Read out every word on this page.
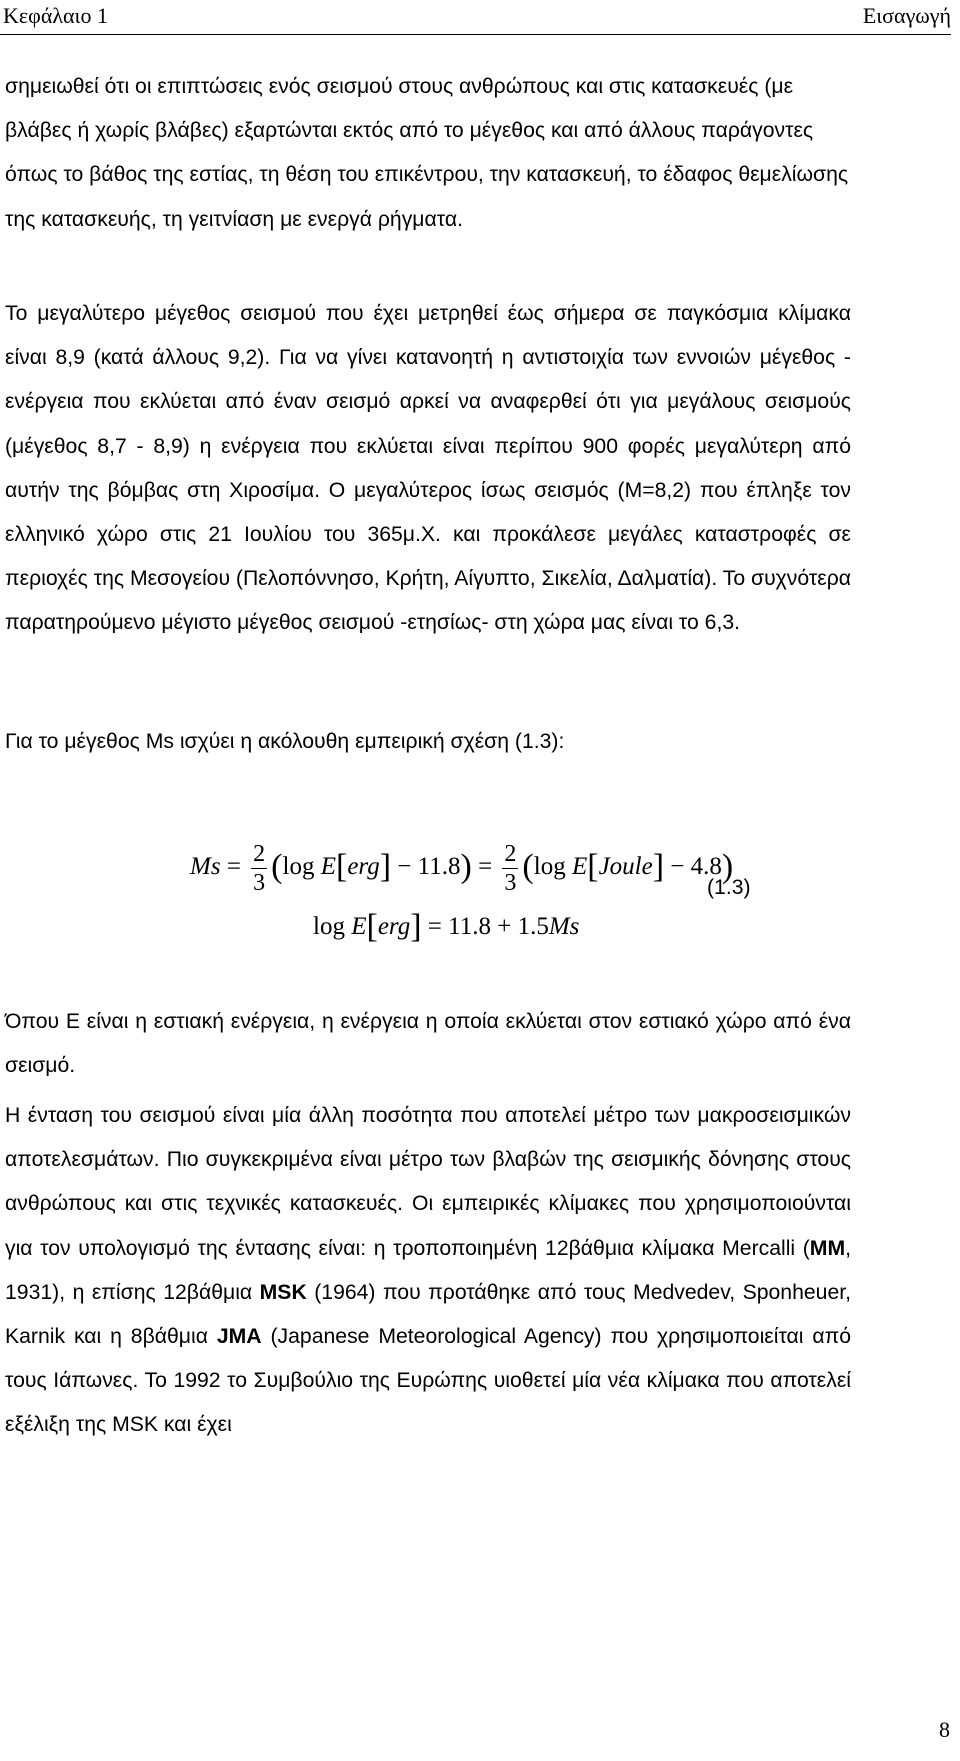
Κεφάλαιο 1	Εισαγωγή

σημειωθεί ότι οι επιπτώσεις ενός σεισμού στους ανθρώπους και στις κατασκευές (με βλάβες ή χωρίς βλάβες) εξαρτώνται εκτός από το μέγεθος και από άλλους παράγοντες όπως το βάθος της εστίας, τη θέση του επικέντρου, την κατασκευή, το έδαφος θεμελίωσης της κατασκευής, τη γειτνίαση με ενεργά ρήγματα.

Το μεγαλύτερο μέγεθος σεισμού που έχει μετρηθεί έως σήμερα σε παγκόσμια κλίμακα είναι 8,9 (κατά άλλους 9,2). Για να γίνει κατανοητή η αντιστοιχία των εννοιών μέγεθος - ενέργεια που εκλύεται από έναν σεισμό αρκεί να αναφερθεί ότι για μεγάλους σεισμούς (μέγεθος 8,7 - 8,9) η ενέργεια που εκλύεται είναι περίπου 900 φορές μεγαλύτερη από αυτήν της βόμβας στη Χιροσίμα. Ο μεγαλύτερος ίσως σεισμός (Μ=8,2) που έπληξε τον ελληνικό χώρο στις 21 Ιουλίου του 365μ.Χ. και προκάλεσε μεγάλες καταστροφές σε περιοχές της Μεσογείου (Πελοπόννησο, Κρήτη, Αίγυπτο, Σικελία, Δαλματία). Το συχνότερα παρατηρούμενο μέγιστο μέγεθος σεισμού -ετησίως- στη χώρα μας είναι το 6,3.

Για το μέγεθος Ms ισχύει η ακόλουθη εμπειρική σχέση (1.3):

$Ms = \frac{2}{3} (\log$ $E[erg] - 11.8) = \frac{2}{3} (\log$ E[Joule] − 4.8)
log E[erg] = 11.8 + 1.5Ms
(1.3)

Όπου Ε είναι η εστιακή ενέργεια, η ενέργεια η οποία εκλύεται στον εστιακό χώρο από ένα σεισμό.

Η ένταση του σεισμού είναι μία άλλη ποσότητα που αποτελεί μέτρο των μακροσεισμικών αποτελεσμάτων. Πιο συγκεκριμένα είναι μέτρο των βλαβών της σεισμικής δόνησης στους ανθρώπους και στις τεχνικές κατασκευές. Οι εμπειρικές κλίμακες που χρησιμοποιούνται για τον υπολογισμό της έντασης είναι: η τροποποιημένη 12βάθμια κλίμακα Mercalli (MM, 1931), η επίσης 12βάθμια MSK (1964) που προτάθηκε από τους Medvedev, Sponheuer, Karnik και η 8βάθμια JMA (Japanese Meteorological Agency) που χρησιμοποιείται από τους Ιάπωνες. Το 1992 το Συμβούλιο της Ευρώπης υιοθετεί μία νέα κλίμακα που αποτελεί εξέλιξη της MSK και έχει

8
